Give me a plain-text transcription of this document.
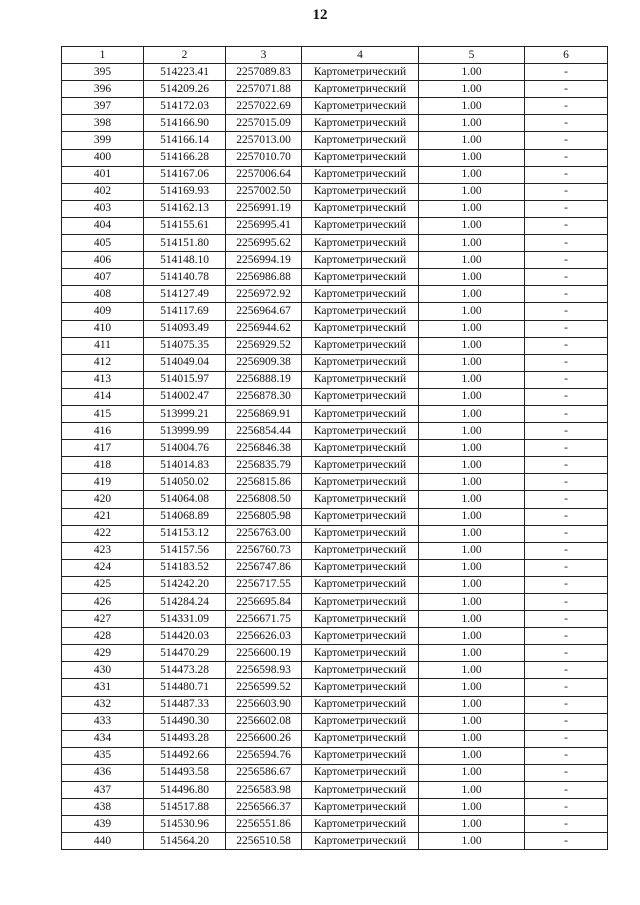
12
1	2	3	4	5	6
395	514223.41	2257089.83	Картометрический	1.00	-
396	514209.26	2257071.88	Картометрический	1.00	-
397	514172.03	2257022.69	Картометрический	1.00	-
398	514166.90	2257015.09	Картометрический	1.00	-
399	514166.14	2257013.00	Картометрический	1.00	-
400	514166.28	2257010.70	Картометрический	1.00	-
401	514167.06	2257006.64	Картометрический	1.00	-
402	514169.93	2257002.50	Картометрический	1.00	-
403	514162.13	2256991.19	Картометрический	1.00	-
404	514155.61	2256995.41	Картометрический	1.00	-
405	514151.80	2256995.62	Картометрический	1.00	-
406	514148.10	2256994.19	Картометрический	1.00	-
407	514140.78	2256986.88	Картометрический	1.00	-
408	514127.49	2256972.92	Картометрический	1.00	-
409	514117.69	2256964.67	Картометрический	1.00	-
410	514093.49	2256944.62	Картометрический	1.00	-
411	514075.35	2256929.52	Картометрический	1.00	-
412	514049.04	2256909.38	Картометрический	1.00	-
413	514015.97	2256888.19	Картометрический	1.00	-
414	514002.47	2256878.30	Картометрический	1.00	-
415	513999.21	2256869.91	Картометрический	1.00	-
416	513999.99	2256854.44	Картометрический	1.00	-
417	514004.76	2256846.38	Картометрический	1.00	-
418	514014.83	2256835.79	Картометрический	1.00	-
419	514050.02	2256815.86	Картометрический	1.00	-
420	514064.08	2256808.50	Картометрический	1.00	-
421	514068.89	2256805.98	Картометрический	1.00	-
422	514153.12	2256763.00	Картометрический	1.00	-
423	514157.56	2256760.73	Картометрический	1.00	-
424	514183.52	2256747.86	Картометрический	1.00	-
425	514242.20	2256717.55	Картометрический	1.00	-
426	514284.24	2256695.84	Картометрический	1.00	-
427	514331.09	2256671.75	Картометрический	1.00	-
428	514420.03	2256626.03	Картометрический	1.00	-
429	514470.29	2256600.19	Картометрический	1.00	-
430	514473.28	2256598.93	Картометрический	1.00	-
431	514480.71	2256599.52	Картометрический	1.00	-
432	514487.33	2256603.90	Картометрический	1.00	-
433	514490.30	2256602.08	Картометрический	1.00	-
434	514493.28	2256600.26	Картометрический	1.00	-
435	514492.66	2256594.76	Картометрический	1.00	-
436	514493.58	2256586.67	Картометрический	1.00	-
437	514496.80	2256583.98	Картометрический	1.00	-
438	514517.88	2256566.37	Картометрический	1.00	-
439	514530.96	2256551.86	Картометрический	1.00	-
440	514564.20	2256510.58	Картометрический	1.00	-
